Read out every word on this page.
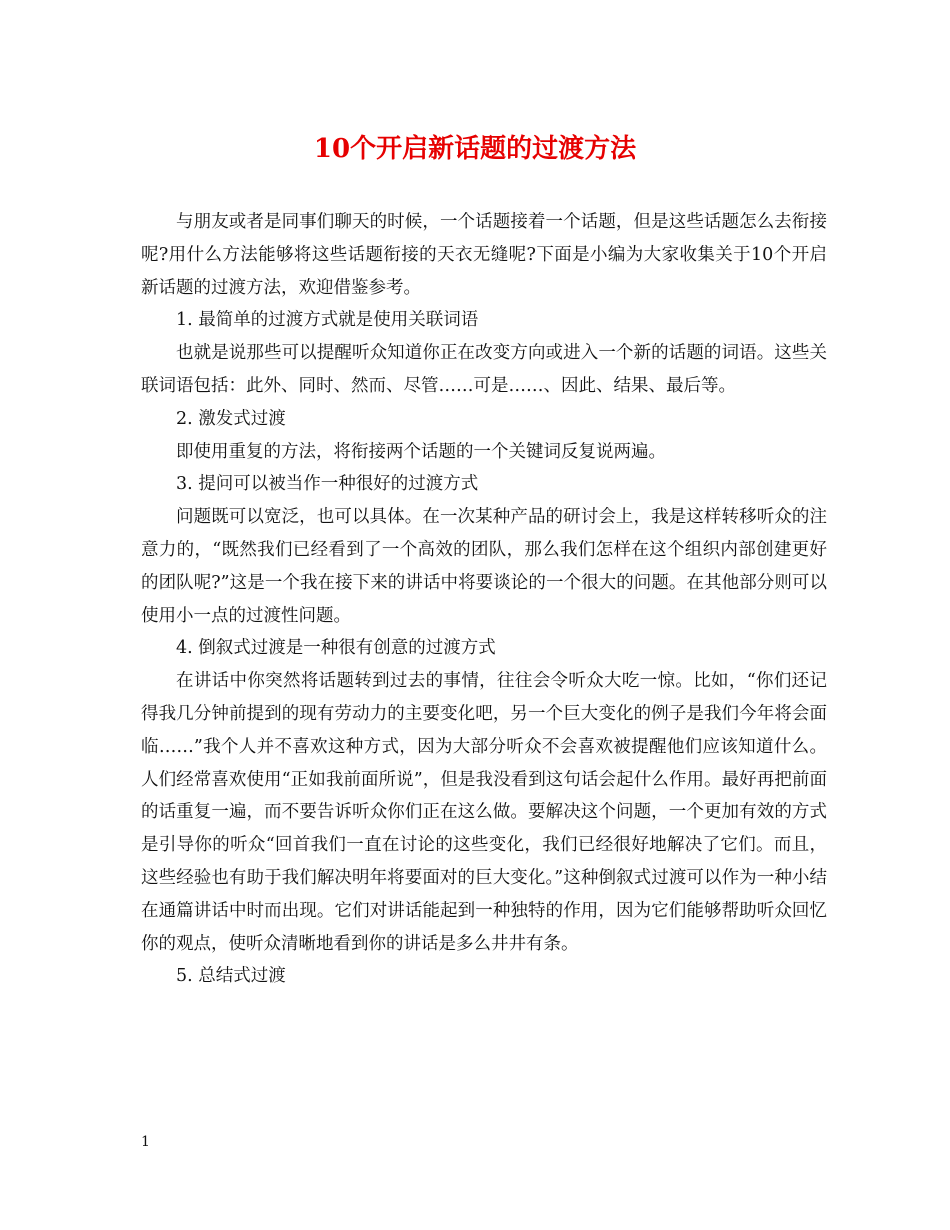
10个开启新话题的过渡方法

与朋友或者是同事们聊天的时候，一个话题接着一个话题，但是这些话题怎么去衔接呢?用什么方法能够将这些话题衔接的天衣无缝呢?下面是小编为大家收集关于10个开启新话题的过渡方法，欢迎借鉴参考。

1. 最简单的过渡方式就是使用关联词语

也就是说那些可以提醒听众知道你正在改变方向或进入一个新的话题的词语。这些关联词语包括：此外、同时、然而、尽管……可是……、因此、结果、最后等。

2. 激发式过渡

即使用重复的方法，将衔接两个话题的一个关键词反复说两遍。

3. 提问可以被当作一种很好的过渡方式

问题既可以宽泛，也可以具体。在一次某种产品的研讨会上，我是这样转移听众的注意力的，“既然我们已经看到了一个高效的团队，那么我们怎样在这个组织内部创建更好的团队呢?”这是一个我在接下来的讲话中将要谈论的一个很大的问题。在其他部分则可以使用小一点的过渡性问题。

4. 倒叙式过渡是一种很有创意的过渡方式

在讲话中你突然将话题转到过去的事情，往往会令听众大吃一惊。比如，“你们还记得我几分钟前提到的现有劳动力的主要变化吧，另一个巨大变化的例子是我们今年将会面临……”我个人并不喜欢这种方式，因为大部分听众不会喜欢被提醒他们应该知道什么。人们经常喜欢使用“正如我前面所说”，但是我没看到这句话会起什么作用。最好再把前面的话重复一遍，而不要告诉听众你们正在这么做。要解决这个问题，一个更加有效的方式是引导你的听众“回首我们一直在讨论的这些变化，我们已经很好地解决了它们。而且，这些经验也有助于我们解决明年将要面对的巨大变化。”这种倒叙式过渡可以作为一种小结在通篇讲话中时而出现。它们对讲话能起到一种独特的作用，因为它们能够帮助听众回忆你的观点，使听众清晰地看到你的讲话是多么井井有条。

5. 总结式过渡

1
